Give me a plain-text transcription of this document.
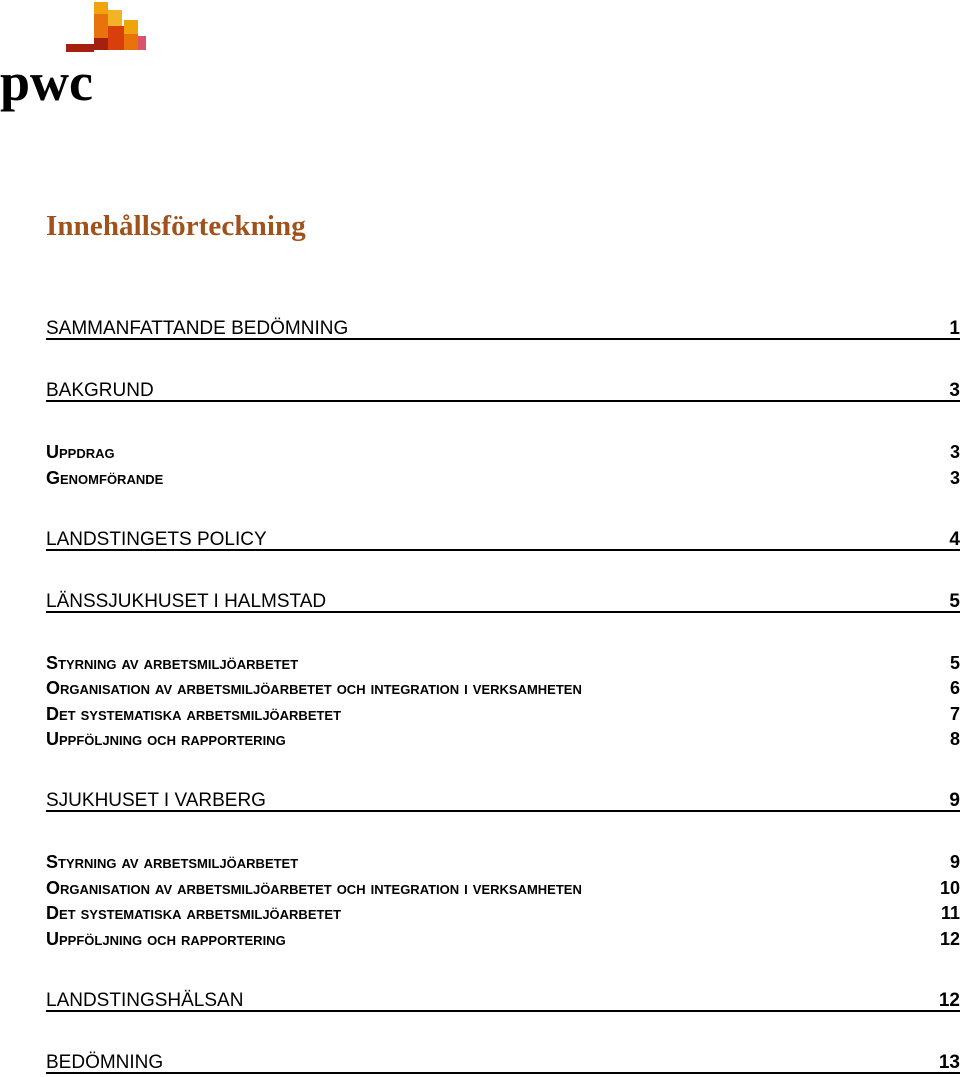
pwc
Innehållsförteckning
SAMMANFATTANDE BEDÖMNING	1
BAKGRUND	3
Uppdrag	3
Genomförande	3
LANDSTINGETS POLICY	4
LÄNSSJUKHUSET I HALMSTAD	5
Styrning av arbetsmiljöarbetet	5
Organisation av arbetsmiljöarbetet och integration i verksamheten	6
Det systematiska arbetsmiljöarbetet	7
Uppföljning och rapportering	8
SJUKHUSET I VARBERG	9
Styrning av arbetsmiljöarbetet	9
Organisation av arbetsmiljöarbetet och integration i verksamheten	10
Det systematiska arbetsmiljöarbetet	11
Uppföljning och rapportering	12
LANDSTINGSHÄLSAN	12
BEDÖMNING	13
